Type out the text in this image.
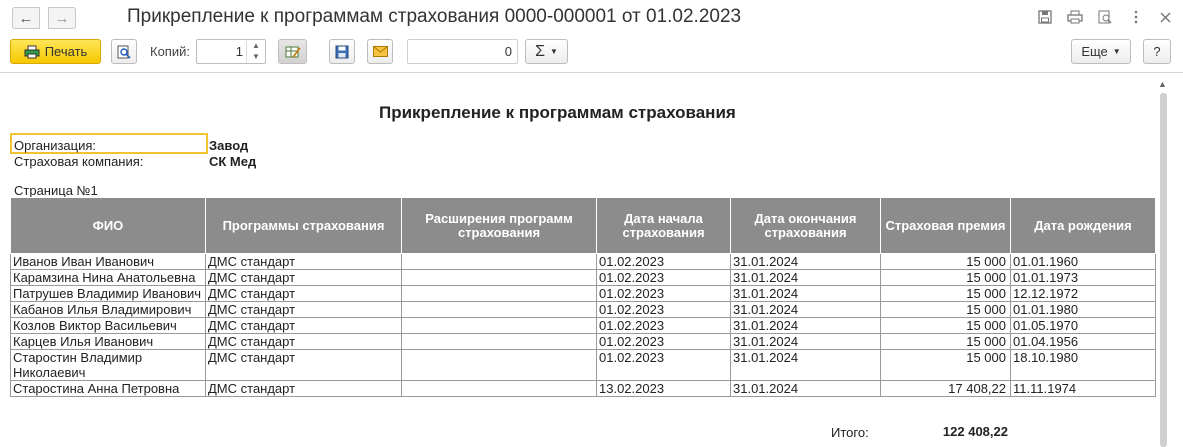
← →	Прикрепление к программам страхования 0000-000001 от 01.02.2023
Печать	Копий:	1	▲
▼	0 Σ ▼	Еще ▼	?
▲
Прикрепление к программам страхования
Организация:	Завод
Страховая компания:	СК Мед
Страница №1
ФИО	Программы страхования	Расширения программ страхования	Дата начала страхования	Дата окончания страхования	Страховая премия	Дата рождения
Иванов Иван Иванович	ДМС стандарт		01.02.2023	31.01.2024	15 000	01.01.1960
Карамзина Нина Анатольевна	ДМС стандарт		01.02.2023	31.01.2024	15 000	01.01.1973
Патрушев Владимир Иванович	ДМС стандарт		01.02.2023	31.01.2024	15 000	12.12.1972
Кабанов Илья Владимирович	ДМС стандарт		01.02.2023	31.01.2024	15 000	01.01.1980
Козлов Виктор Васильевич	ДМС стандарт		01.02.2023	31.01.2024	15 000	01.05.1970
Карцев Илья Иванович	ДМС стандарт		01.02.2023	31.01.2024	15 000	01.04.1956
Старостин Владимир Николаевич	ДМС стандарт		01.02.2023	31.01.2024	15 000	18.10.1980
Старостина Анна Петровна	ДМС стандарт		13.02.2023	31.01.2024	17 408,22	11.11.1974
Итого:	122 408,22
